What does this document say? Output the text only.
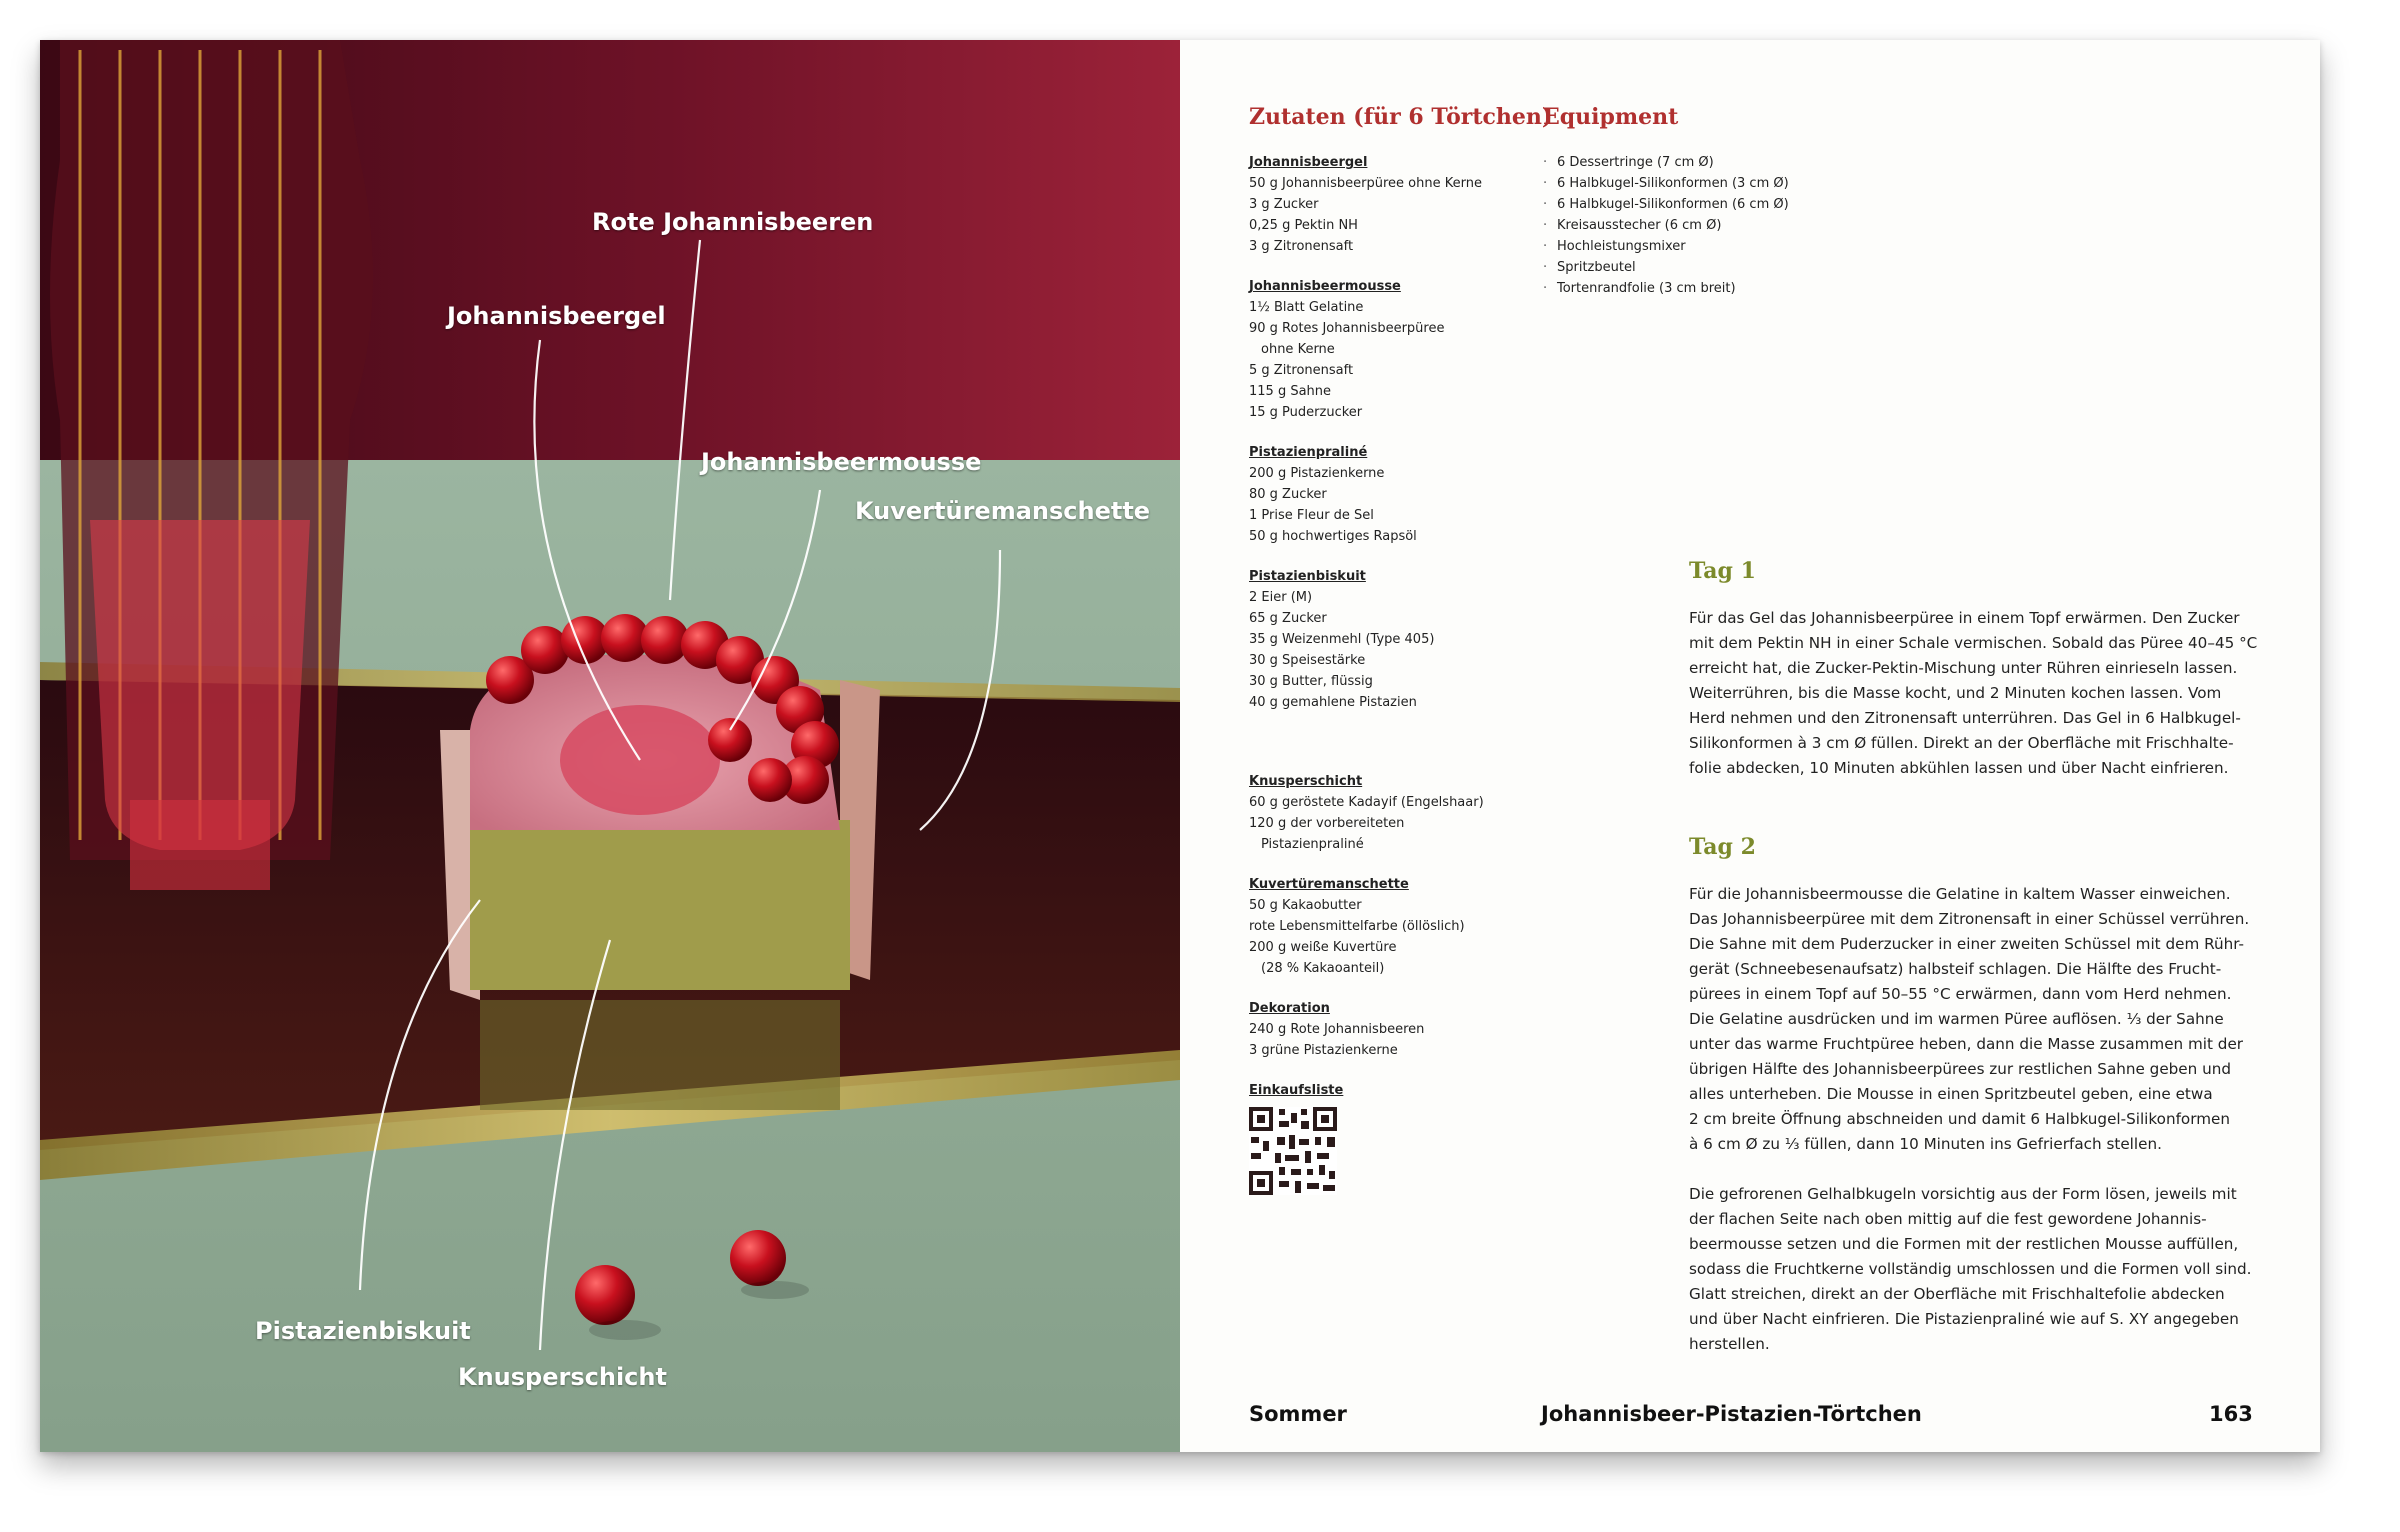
Rote Johannisbeeren
Johannisbeergel
Johannisbeermousse
Kuvertüremanschette
Pistazienbiskuit
Knusperschicht
Zutaten (für 6 Törtchen)
Johannisbeergel
50 g Johannisbeerpüree ohne Kerne
3 g Zucker
0,25 g Pektin NH
3 g Zitronensaft
Johannisbeermousse
1½ Blatt Gelatine
90 g Rotes Johannisbeerpüree
ohne Kerne
5 g Zitronensaft
115 g Sahne
15 g Puderzucker
Pistazienpraliné
200 g Pistazienkerne
80 g Zucker
1 Prise Fleur de Sel
50 g hochwertiges Rapsöl
Pistazienbiskuit
2 Eier (M)
65 g Zucker
35 g Weizenmehl (Type 405)
30 g Speisestärke
30 g Butter, flüssig
40 g gemahlene Pistazien
Knusperschicht
60 g geröstete Kadayif (Engelshaar)
120 g der vorbereiteten
Pistazienpraliné
Kuvertüremanschette
50 g Kakaobutter
rote Lebensmittelfarbe (öllöslich)
200 g weiße Kuvertüre
(28 % Kakaoanteil)
Dekoration
240 g Rote Johannisbeeren
3 grüne Pistazienkerne
Einkaufsliste
Equipment
· 6 Dessertringe (7 cm Ø)
· 6 Halbkugel-Silikonformen (3 cm Ø)
· 6 Halbkugel-Silikonformen (6 cm Ø)
· Kreisausstecher (6 cm Ø)
· Hochleistungsmixer
· Spritzbeutel
· Tortenrandfolie (3 cm breit)
Tag 1
Für das Gel das Johannisbeerpüree in einem Topf erwärmen. Den Zucker
mit dem Pektin NH in einer Schale vermischen. Sobald das Püree 40–45 °C
erreicht hat, die Zucker-Pektin-Mischung unter Rühren einrieseln lassen.
Weiterrühren, bis die Masse kocht, und 2 Minuten kochen lassen. Vom
Herd nehmen und den Zitronensaft unterrühren. Das Gel in 6 Halbkugel-
Silikonformen à 3 cm Ø füllen. Direkt an der Oberfläche mit Frischhalte-
folie abdecken, 10 Minuten abkühlen lassen und über Nacht einfrieren.
Tag 2
Für die Johannisbeermousse die Gelatine in kaltem Wasser einweichen.
Das Johannisbeerpüree mit dem Zitronensaft in einer Schüssel verrühren.
Die Sahne mit dem Puderzucker in einer zweiten Schüssel mit dem Rühr-
gerät (Schneebesenaufsatz) halbsteif schlagen. Die Hälfte des Frucht-
pürees in einem Topf auf 50–55 °C erwärmen, dann vom Herd nehmen.
Die Gelatine ausdrücken und im warmen Püree auflösen. ⅓ der Sahne
unter das warme Fruchtpüree heben, dann die Masse zusammen mit der
übrigen Hälfte des Johannisbeerpürees zur restlichen Sahne geben und
alles unterheben. Die Mousse in einen Spritzbeutel geben, eine etwa
2 cm breite Öffnung abschneiden und damit 6 Halbkugel-Silikonformen
à 6 cm Ø zu ⅓ füllen, dann 10 Minuten ins Gefrierfach stellen.
Die gefrorenen Gelhalbkugeln vorsichtig aus der Form lösen, jeweils mit
der flachen Seite nach oben mittig auf die fest gewordene Johannis-
beermousse setzen und die Formen mit der restlichen Mousse auffüllen,
sodass die Fruchtkerne vollständig umschlossen und die Formen voll sind.
Glatt streichen, direkt an der Oberfläche mit Frischhaltefolie abdecken
und über Nacht einfrieren. Die Pistazienpraliné wie auf S. XY angegeben
herstellen.
Sommer	Johannisbeer-Pistazien-Törtchen	163
